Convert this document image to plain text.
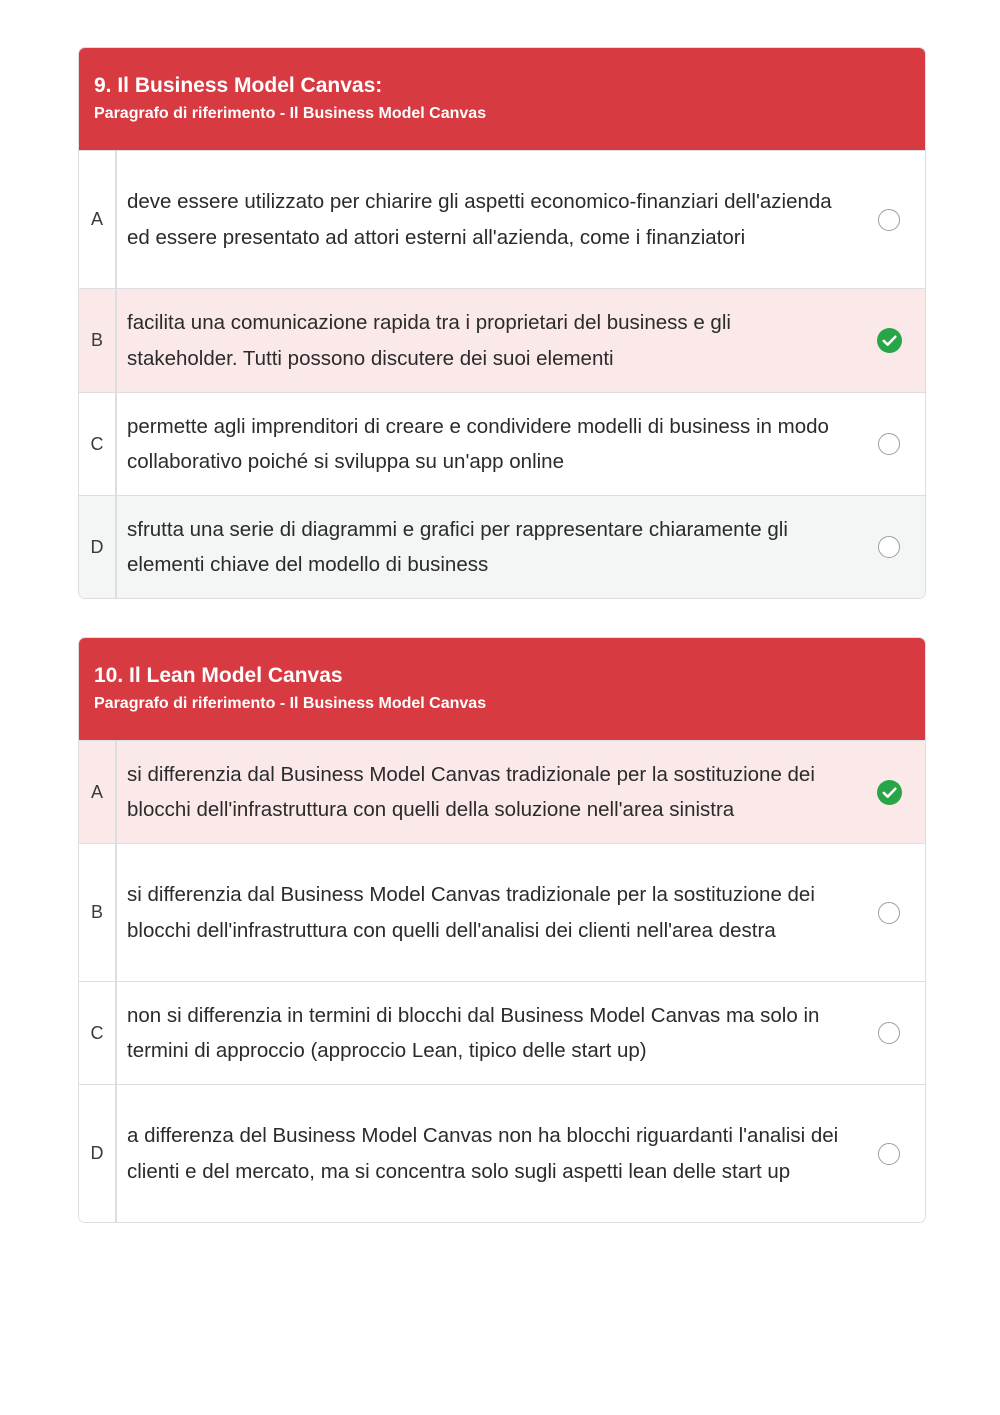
9. Il Business Model Canvas:
Paragrafo di riferimento - Il Business Model Canvas
A
deve essere utilizzato per chiarire gli aspetti economico-finanziari dell'azienda ed essere presentato ad attori esterni all'azienda, come i finanziatori
B
facilita una comunicazione rapida tra i proprietari del business e gli stakeholder. Tutti possono discutere dei suoi elementi
C
permette agli imprenditori di creare e condividere modelli di business in modo collaborativo poiché si sviluppa su un'app online
D
sfrutta una serie di diagrammi e grafici per rappresentare chiaramente gli elementi chiave del modello di business
10. Il Lean Model Canvas
Paragrafo di riferimento - Il Business Model Canvas
A
si differenzia dal Business Model Canvas tradizionale per la sostituzione dei blocchi dell'infrastruttura con quelli della soluzione nell'area sinistra
B
si differenzia dal Business Model Canvas tradizionale per la sostituzione dei blocchi dell'infrastruttura con quelli dell'analisi dei clienti nell'area destra
C
non si differenzia in termini di blocchi dal Business Model Canvas ma solo in termini di approccio (approccio Lean, tipico delle start up)
D
a differenza del Business Model Canvas non ha blocchi riguardanti l'analisi dei clienti e del mercato, ma si concentra solo sugli aspetti lean delle start up
